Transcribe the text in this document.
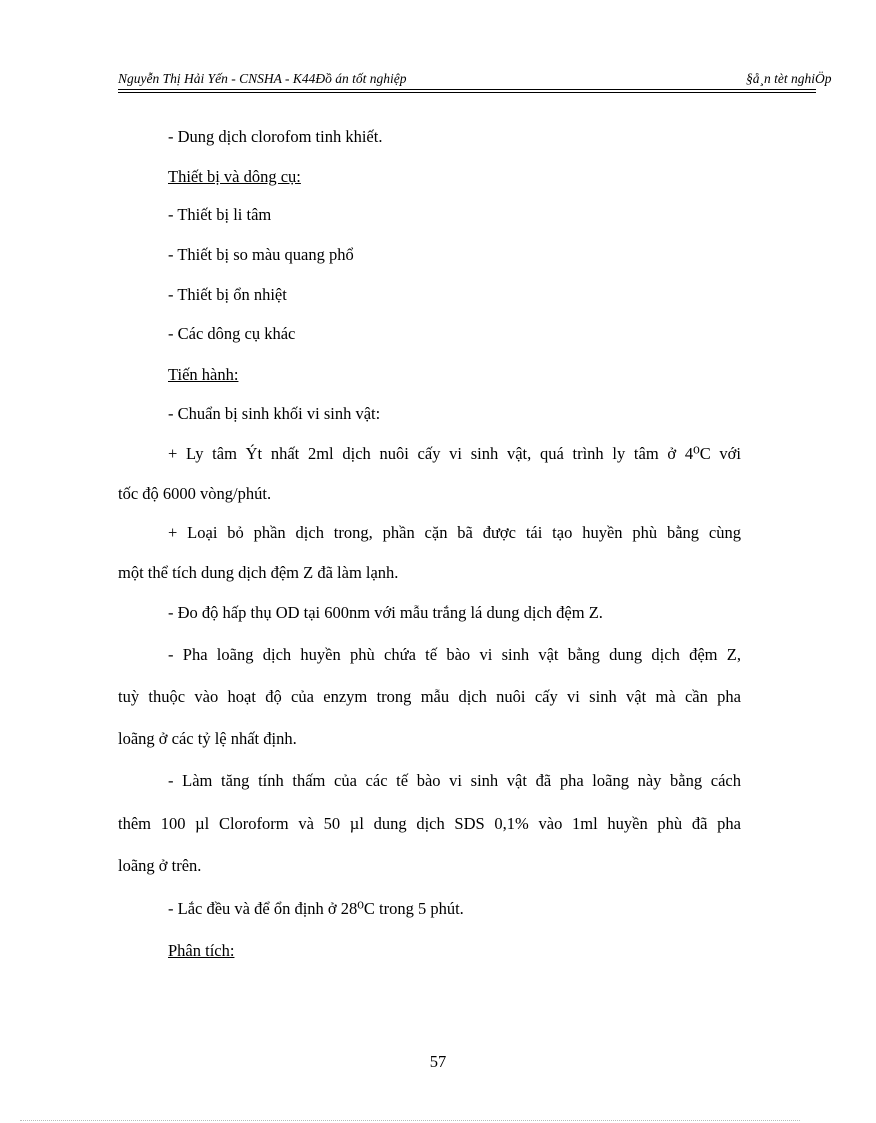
Nguyễn Thị Hải Yến - CNSHA - K44Đồ án tốt nghiệp	§å¸n tèt nghiÖp
- Dung dịch clorofom tinh khiết.
Thiết bị và dông cụ:
- Thiết bị li tâm
- Thiết bị so màu quang phổ
- Thiết bị ổn nhiệt
- Các dông cụ khác
Tiến hành:
- Chuẩn bị sinh khối vi sinh vật:
+ Ly tâm Ýt nhất 2ml dịch nuôi cấy vi sinh vật, quá trình ly tâm ở 4⁰C với
tốc độ 6000 vòng/phút.
+ Loại bỏ phần dịch trong, phần cặn bã được tái tạo huyền phù bằng cùng
một thể tích dung dịch đệm Z đã làm lạnh.
- Đo độ hấp thụ OD tại 600nm với mẫu trắng lá dung dịch đệm Z.
- Pha loãng dịch huyền phù chứa tế bào vi sinh vật bằng dung dịch đệm Z,
tuỳ thuộc vào hoạt độ của enzym trong mẫu dịch nuôi cấy vi sinh vật mà cần pha
loãng ở các tỷ lệ nhất định.
- Làm tăng tính thấm của các tế bào vi sinh vật đã pha loãng này bằng cách
thêm 100 µl Cloroform và 50 µl dung dịch SDS 0,1% vào 1ml huyền phù đã pha
loãng ở trên.
- Lắc đều và để ổn định ở 28⁰C trong 5 phút.
Phân tích:
57
